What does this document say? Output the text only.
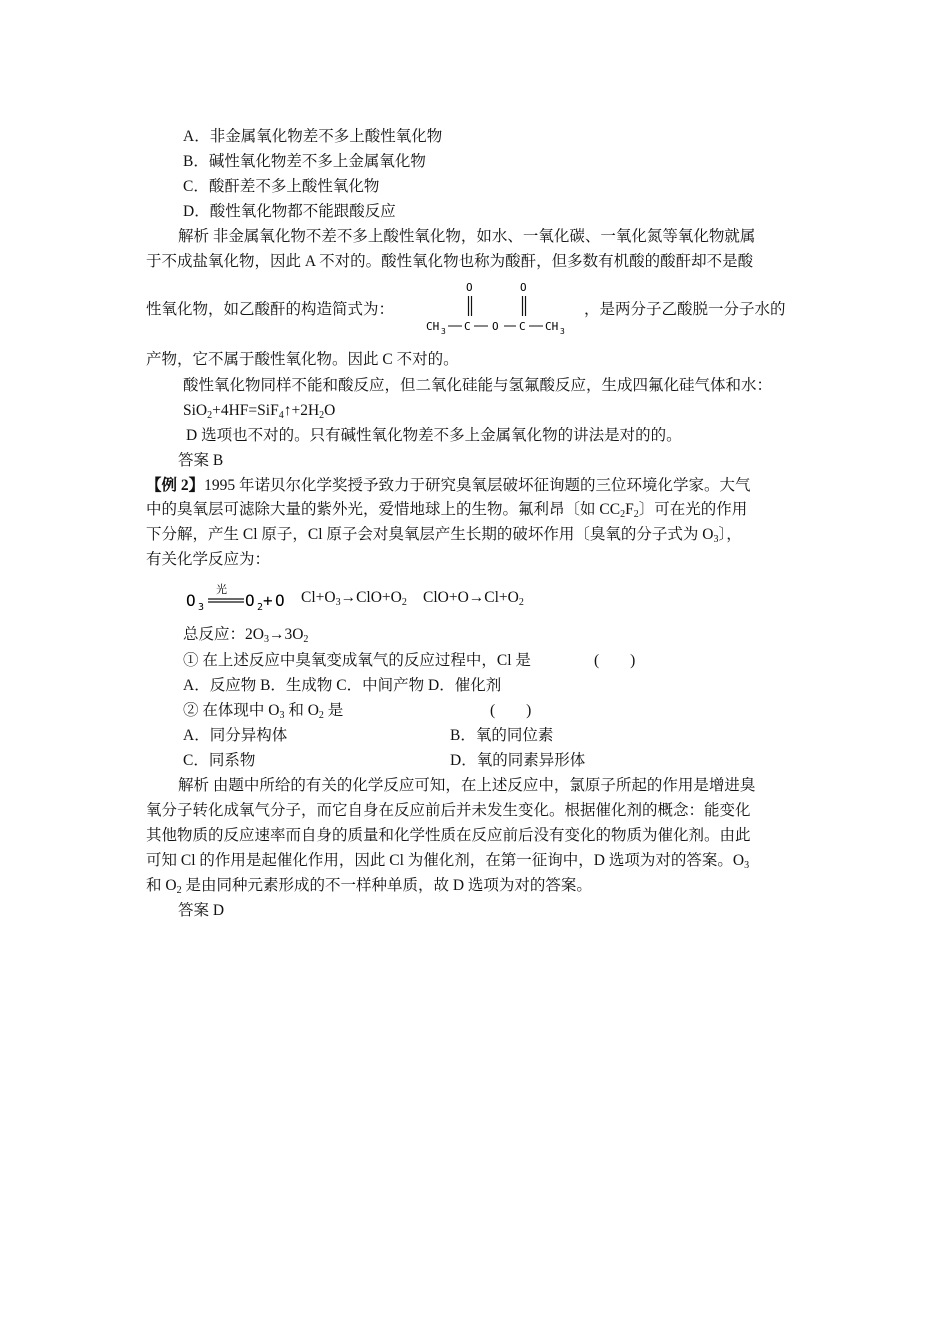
A．非金属氧化物差不多上酸性氧化物
B．碱性氧化物差不多上金属氧化物
C．酸酐差不多上酸性氧化物
D．酸性氧化物都不能跟酸反应
解析 非金属氧化物不差不多上酸性氧化物，如水、一氧化碳、一氧化氮等氧化物就属
于不成盐氧化物，因此 A 不对的。酸性氧化物也称为酸酐，但多数有机酸的酸酐却不是酸
性氧化物，如乙酸酐的构造简式为：
O	O
CH 3 C O C CH 3
，是两分子乙酸脱一分子水的
产物，它不属于酸性氧化物。因此 C 不对的。
酸性氧化物同样不能和酸反应，但二氧化硅能与氢氟酸反应，生成四氟化硅气体和水：
$SiO_2+4HF=SiF_4↑+2H_2O$
D 选项也不对的。只有碱性氧化物差不多上金属氧化物的讲法是对的的。
答案 B
【例 2】1995 年诺贝尔化学奖授予致力于研究臭氧层破坏征询题的三位环境化学家。大气
中的臭氧层可滤除大量的紫外光，爱惜地球上的生物。氟利昂〔如 $CC_2F_2$〕可在光的作用
下分解，产生 Cl 原子，Cl 原子会对臭氧层产生长期的破坏作用〔臭氧的分子式为 $O_3$〕，
有关化学反应为：
O 3
光
O 2 + O $Cl+O_3\to ClO+O_2$ $ClO+O\to Cl+O_2$
总反应：$2O_3\to 3O_2$
① 在上述反应中臭氧变成氧气的反应过程中，Cl 是	(　　)
A．反应物 B．生成物 C．中间产物 D．催化剂
② 在体现中 $O_3$ 和 $O_2$ 是	(　　)
A．同分异构体	B．氧的同位素
C．同系物	D．氧的同素异形体
解析 由题中所给的有关的化学反应可知，在上述反应中，氯原子所起的作用是增进臭
氧分子转化成氧气分子，而它自身在反应前后并未发生变化。根据催化剂的概念：能变化
其他物质的反应速率而自身的质量和化学性质在反应前后没有变化的物质为催化剂。由此
可知 Cl 的作用是起催化作用，因此 Cl 为催化剂，在第一征询中，D 选项为对的答案。$O_3$
和 $O_2$ 是由同种元素形成的不一样种单质，故 D 选项为对的答案。
答案 D
